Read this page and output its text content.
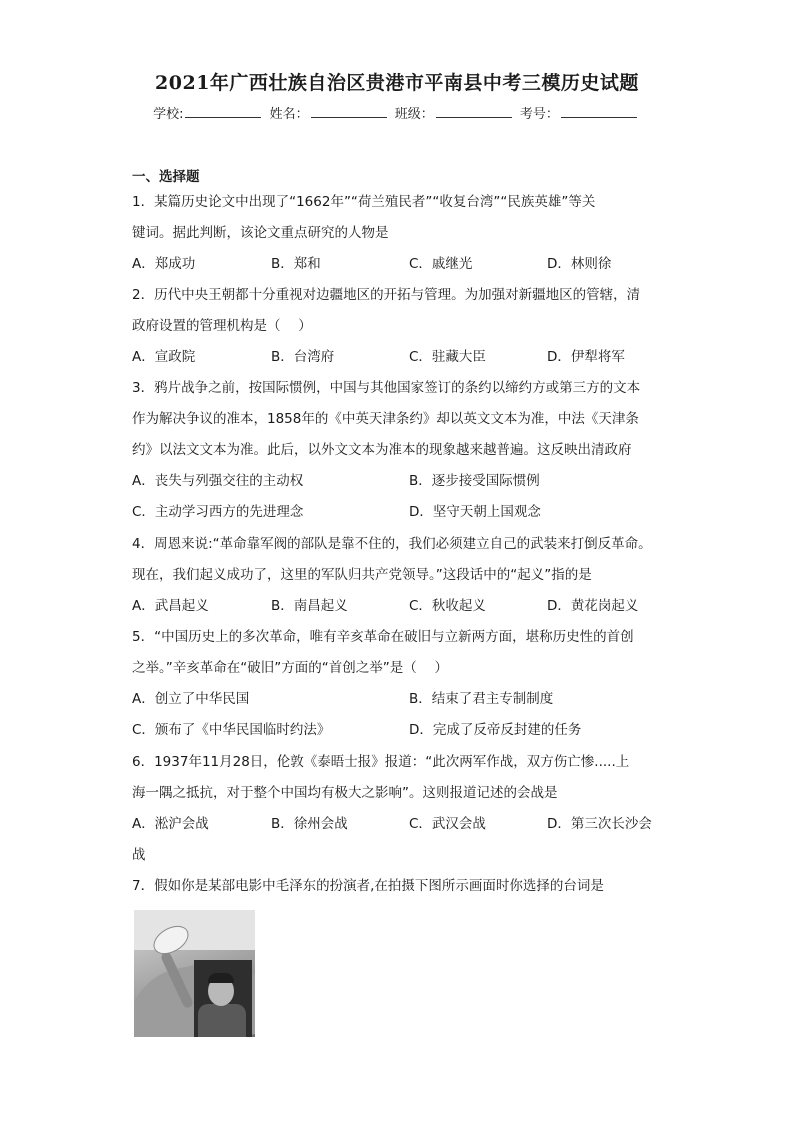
2021年广西壮族自治区贵港市平南县中考三模历史试题
学校:	姓名：	班级：	考号：
一、选择题
1．某篇历史论文中出现了“1662年”“荷兰殖民者”“收复台湾”“民族英雄”等关
键词。据此判断，该论文重点研究的人物是
A．郑成功	B．郑和	C．戚继光	D．林则徐
2．历代中央王朝都十分重视对边疆地区的开拓与管理。为加强对新疆地区的管辖，清
政府设置的管理机构是（　 ）
A．宣政院	B．台湾府	C．驻藏大臣	D．伊犁将军
3．鸦片战争之前，按国际惯例，中国与其他国家签订的条约以缔约方或第三方的文本
作为解决争议的准本，1858年的《中英天津条约》却以英文文本为准，中法《天津条
约》以法文文本为准。此后，以外文文本为准本的现象越来越普遍。这反映出清政府
A．丧失与列强交往的主动权	B．逐步接受国际惯例
C．主动学习西方的先进理念	D．坚守天朝上国观念
4．周恩来说:“革命靠军阀的部队是靠不住的，我们必须建立自己的武装来打倒反革命。
现在，我们起义成功了，这里的军队归共产党领导。”这段话中的“起义”指的是
A．武昌起义	B．南昌起义	C．秋收起义	D．黄花岗起义
5．“中国历史上的多次革命，唯有辛亥革命在破旧与立新两方面，堪称历史性的首创
之举。”辛亥革命在“破旧”方面的“首创之举”是（　 ）
A．创立了中华民国	B．结束了君主专制制度
C．颁布了《中华民国临时约法》	D．完成了反帝反封建的任务
6．1937年11月28日，伦敦《泰晤士报》报道：“此次两军作战，双方伤亡惨.....上
海一隅之抵抗，对于整个中国均有极大之影响”。这则报道记述的会战是
A．淞沪会战	B．徐州会战	C．武汉会战	D．第三次长沙会
战
7．假如你是某部电影中毛泽东的扮演者,在拍摄下图所示画面时你选择的台词是
